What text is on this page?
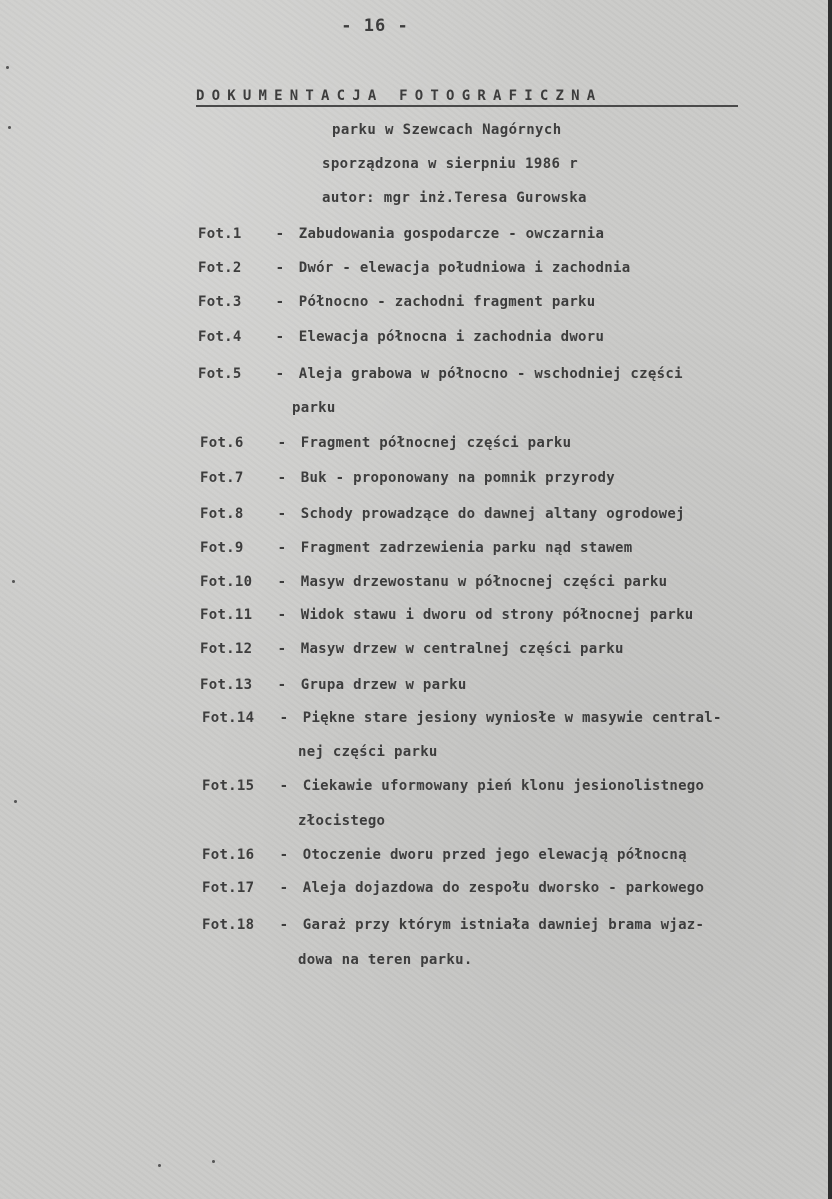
- 16 -
DOKUMENTACJA FOTOGRAFICZNA
parku w Szewcach Nagórnych
sporządzona w sierpniu 1986 r
autor: mgr inż.Teresa Gurowska
Fot.1 - Zabudowania gospodarcze - owczarnia
Fot.2 - Dwór - elewacja południowa i zachodnia
Fot.3 - Północno - zachodni fragment parku
Fot.4 - Elewacja północna i zachodnia dworu
Fot.5 - Aleja grabowa w północno - wschodniej części
parku
Fot.6 - Fragment północnej części parku
Fot.7 - Buk - proponowany na pomnik przyrody
Fot.8 - Schody prowadzące do dawnej altany ogrodowej
Fot.9 - Fragment zadrzewienia parku nąd stawem
Fot.10 - Masyw drzewostanu w północnej części parku
Fot.11 - Widok stawu i dworu od strony północnej parku
Fot.12 - Masyw drzew w centralnej części parku
Fot.13 - Grupa drzew w parku
Fot.14 - Piękne stare jesiony wyniosłe w masywie central-
nej części parku
Fot.15 - Ciekawie uformowany pień klonu jesionolistnego
złocistego
Fot.16 - Otoczenie dworu przed jego elewacją północną
Fot.17 - Aleja dojazdowa do zespołu dworsko - parkowego
Fot.18 - Garaż przy którym istniała dawniej brama wjaz-
dowa na teren parku.
